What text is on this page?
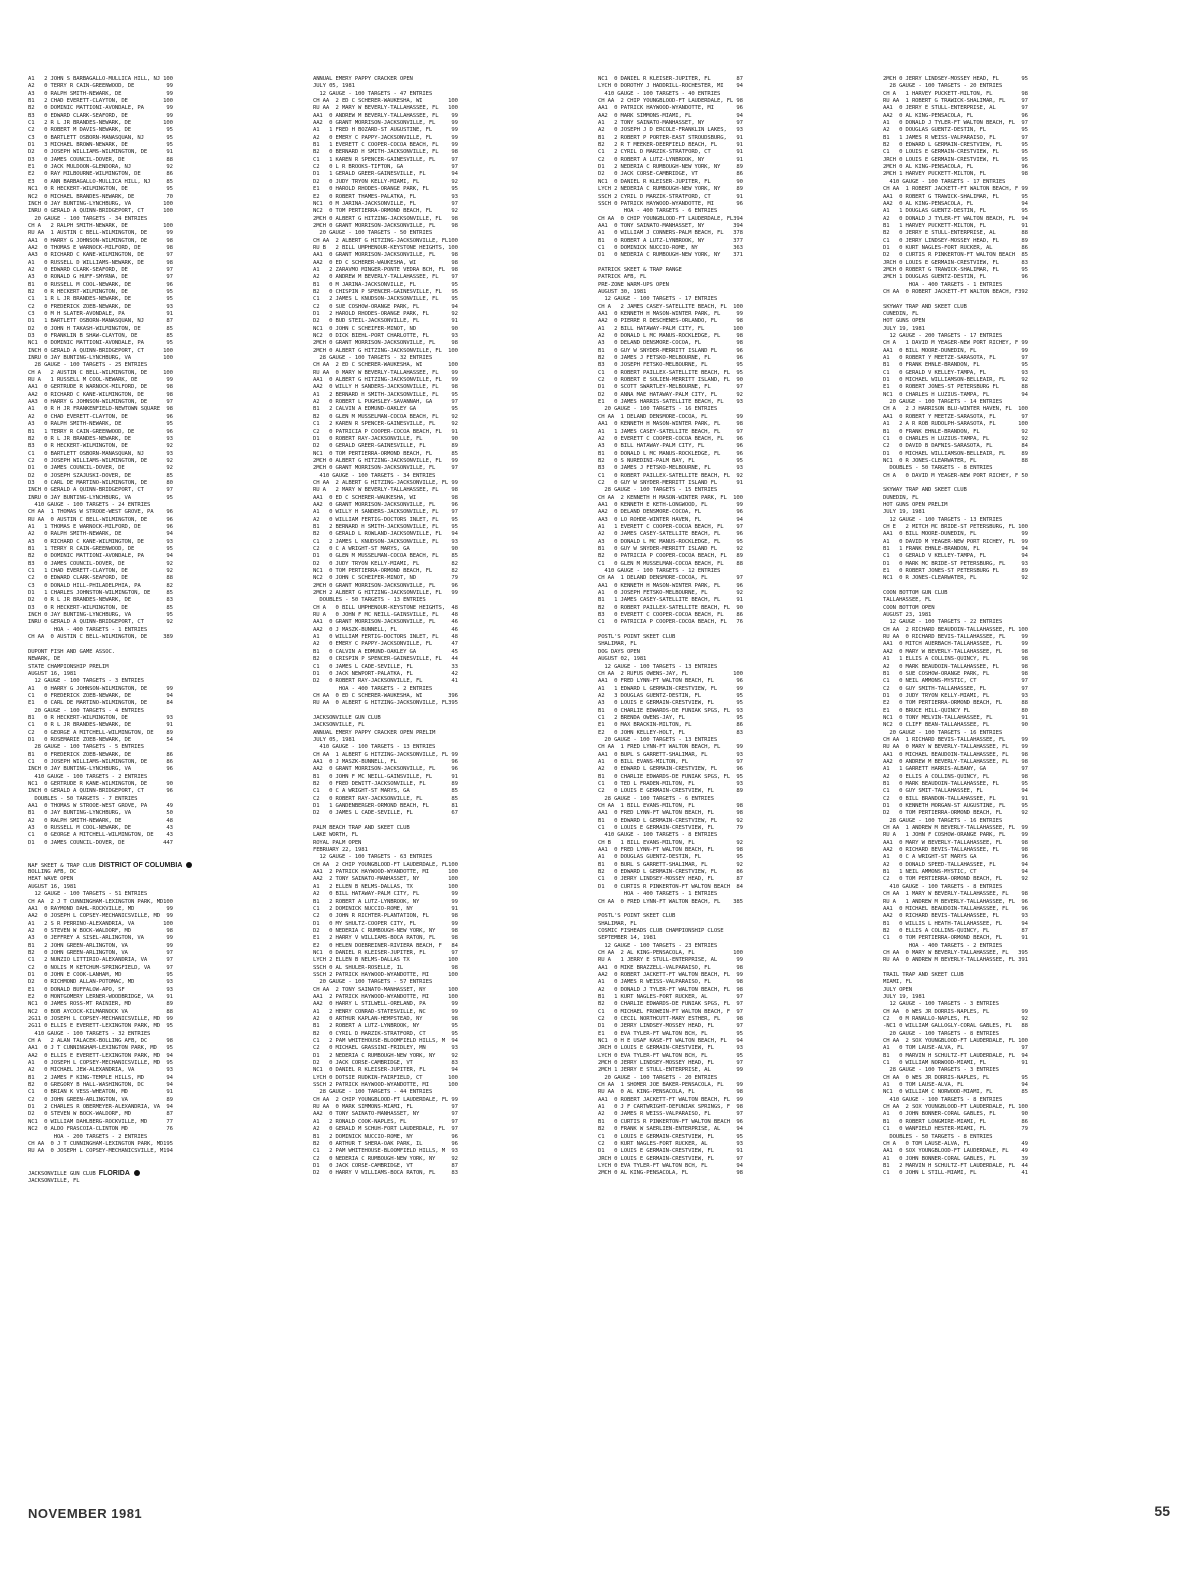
A1   2 JOHN S BARBAGALLO-MULLICA HILL, NJ 100
A2   0 TERRY R CAIN-GREENWOOD, DE          99
A3   0 RALPH SMITH-NEWARK, DE              99
B1   2 CHAD EVERETT-CLAYTON, DE           100
B2   0 DOMINIC MATTIONI-AVONDALE, PA       99
B3   0 EDWARD CLARK-SEAFORD, DE            99
C1   2 R L JR BRANDES-NEWARK, DE          100
C2   0 ROBERT M DAVIS-NEWARK, DE           95
C3   0 BARTLETT OSBORN-MANASQUAN, NJ       95
D1   3 MICHAEL BROWN-NEWARK, DE            95
D2   0 JOSEPH WILLIAMS-WILMINGTON, DE      91
D3   0 JAMES COUNCIL-DOVER, DE             88
E1   0 JACK MULDOON-GLENDORA, NJ           92
E2   0 RAY MILBOURNE-WILMINGTON, DE        86
E3   0 ANN BARBAGALLO-MULLICA HILL, NJ     85
NC1  0 R HECKERT-WILMINGTON, DE            95
NC2  0 MICHAEL BRANDES-NEWARK, DE          70
INCH 0 JAY BUNTING-LYNCHBURG, VA          100
INRU 0 GERALD A QUINN-BRIDGEPORT, CT      100
20 GAUGE - 100 TARGETS - 34 ENTRIES
CH A   2 RALPH SMITH-NEWARK, DE           100
RU AA  1 AUSTIN C BELL-WILMINGTON, DE      99
AA1  0 HARRY G JOHNSON-WILMINGTON, DE      98
AA2  0 THOMAS E WARNOCK-MILFORD, DE        98
AA3  0 RICHARD C KANE-WILMINGTON, DE       97
A1   0 RUSSELL D WILLIAMS-NEWARK, DE       98
A2   0 EDWARD CLARK-SEAFORD, DE            97
A3   0 RONALD G HUFF-SMYRNA, DE            97
B1   0 RUSSELL M COOL-NEWARK, DE           96
B2   0 R HECKERT-WILMINGTON, DE            95
C1   1 R L JR BRANDES-NEWARK, DE           95
C2   0 FREDERICK ZOEB-NEWARK, DE           93
C3   0 M H SLATER-AVONDALE, PA             91
D1   1 BARTLETT OSBORN-MANASQUAN, NJ       87
D2   0 JOHN H TAKASH-WILMINGTON, DE        85
D3   0 FRANKLIN B SHAW-CLAYTON, DE         85
NC1  0 DOMINIC MATTIONI-AVONDALE, PA       95
INCH 0 GERALD A QUINN-BRIDGEPORT, CT      100
INRU 0 JAY BUNTING-LYNCHBURG, VA          100
28 GAUGE - 100 TARGETS - 25 ENTRIES
CH A   2 AUSTIN C BELL-WILMINGTON, DE     100
RU A   1 RUSSELL M COOL-NEWARK, DE         99
AA1  0 GERTRUDE R WARNOCK-MILFORD, DE      98
AA2  0 RICHARD C KANE-WILMINGTON, DE       98
AA3  0 HARRY G JOHNSON-WILMINGTON, DE      97
A1   0 R H JR FRANKENFIELD-NEWTOWN SQUARE  98
A2   0 CHAD EVERETT-CLAYTON, DE            96
A3   0 RALPH SMITH-NEWARK, DE              95
B1   1 TERRY R CAIN-GREENWOOD, DE          96
B2   0 R L JR BRANDES-NEWARK, DE           93
B3   0 R HECKERT-WILMINGTON, DE            92
C1   0 BARTLETT OSBORN-MANASQUAN, NJ       93
C2   0 JOSEPH WILLIAMS-WILMINGTON, DE      92
D1   0 JAMES COUNCIL-DOVER, DE             92
D2   0 JOSEPH SZAJUSKI-DOVER, DE           85
D3   0 CARL DE MARTINO-WILMINGTON, DE      80
INCH 0 GERALD A QUINN-BRIDGEPORT, CT       97
INRU 0 JAY BUNTING-LYNCHBURG, VA           95
410 GAUGE - 100 TARGETS - 24 ENTRIES
CH AA  1 THOMAS W STROOE-WEST GROVE, PA    96
RU AA  0 AUSTIN C BELL-WILMINGTON, DE      96
A1   1 THOMAS E WARNOCK-MILFORD, DE        96
A2   0 RALPH SMITH-NEWARK, DE              94
A3   0 RICHARD C KANE-WILMINGTON, DE       93
B1   1 TERRY R CAIN-GREENWOOD, DE          95
B2   0 DOMINIC MATTIONI-AVONDALE, PA       94
B3   0 JAMES COUNCIL-DOVER, DE             92
C1   1 CHAD EVERETT-CLAYTON, DE            92
C2   0 EDWARD CLARK-SEAFORD, DE            88
C3   0 DONALD HILL-PHILADELPHIA, PA        82
D1   1 CHARLES JOHNSTON-WILMINGTON, DE     85
D2   0 R L JR BRANDES-NEWARK, DE           83
D3   0 R HECKERT-WILMINGTON, DE            85
INCH 0 JAY BUNTING-LYNCHBURG, VA           95
INRU 0 GERALD A QUINN-BRIDGEPORT, CT       92
HOA - 400 TARGETS - 1 ENTRIES
CH AA  0 AUSTIN C BELL-WILMINGTON, DE     389
DUPONT FISH AND GAME ASSOC.
NEWARK, DE
STATE CHAMPIONSHIP PRELIM
AUGUST 16, 1981
12 GAUGE - 100 TARGETS - 3 ENTRIES
A1   0 HARRY G JOHNSON-WILMINGTON, DE      99
C1   0 FREDERICK ZOEB-NEWARK, DE           94
E1   0 CARL DE MARTINO-WILMINGTON, DE      84
20 GAUGE - 100 TARGETS - 4 ENTRIES
B1   0 R HECKERT-WILMINGTON, DE            93
C1   0 R L JR BRANDES-NEWARK, DE           91
C2   0 GEORGE A MITCHELL-WILMINGTON, DE    89
D1   0 ROSEMARIE ZOEB-NEWARK, DE           54
28 GAUGE - 100 TARGETS - 5 ENTRIES
B1   0 FREDERICK ZOEB-NEWARK, DE           86
C1   0 JOSEPH WILLIAMS-WILMINGTON, DE      86
INCH 0 JAY BUNTING-LYNCHBURG, VA           96
410 GAUGE - 100 TARGETS - 2 ENTRIES
NC1  0 GERTRUDE R KANE-WILMINGTON, DE      90
INCH 0 GERALD A QUINN-BRIDGEPORT, CT       96
DOUBLES - 50 TARGETS - 7 ENTRIES
AA1  0 THOMAS W STROOE-WEST GROVE, PA      49
B1   0 JAY BUNTING-LYNCHBURG, VA           50
A2   0 RALPH SMITH-NEWARK, DE              48
A3   0 RUSSELL M COOL-NEWARK, DE           43
C1   0 GEORGE A MITCHELL-WILMINGTON, DE    43
D1   0 JAMES COUNCIL-DOVER, DE            447
NAF SKEET & TRAP CLUB DISTRICT OF COLUMBIA
BOLLING AFB, DC
HEAT WAVE OPEN
AUGUST 16, 1981
12 GAUGE - 100 TARGETS - 51 ENTRIES
CH AA  2 J T CUNNINGHAM-LEXINGTON PARK, MD100
AA1  0 RAYMOND DAHL-ROCKVILLE, MD          99
AA2  0 JOSEPH L COPSEY-MECHANICSVILLE, MD  99
A1   2 S R PERRINO-ALEXANDRIA, VA         100
A2   0 STEVEN W BOCK-WALDORF, MD           98
A3   0 JEFFREY A SISEL-ARLINGTON, VA       99
B1   2 JOHN GREEN-ARLINGTON, VA            99
B2   0 JOHN GREEN-ARLINGTON, VA            97
C1   2 NUNZIO LITTIRIO-ALEXANDRIA, VA      97
C2   0 NOLIS M KETCHUM-SPRINGFIELD, VA     97
D1   0 JOHN E COOK-LANHAM, MD              95
D2   0 RICHMOND ALLAN-POTOMAC, MD          93
E1   0 DONALD BUFFALOW-APO, SF             93
E2   0 MONTGOMERY LERNER-WOODBRIDGE, VA    91
NC1  0 JAMES ROSS-MT RAINIER, MD           89
NC2  0 BOB AYCOCK-KILMARNOCK VA            88
2G11 0 JOSEPH L COPSEY-MECHANICSVILLE, MD  99
2G11 0 ELLIS E EVERETT-LEXINGTON PARK, MD  95
410 GAUGE - 100 TARGETS - 32 ENTRIES
CH A   2 ALAN TALACEK-BOLLING AFB, DC      98
AA1  0 J T CUNNINGHAM-LEXINGTON PARK, MD   95
AA2  0 ELLIS E EVERETT-LEXINGTON PARK, MD  94
A1   0 JOSEPH L COPSEY-MECHANICSVILLE, MD  95
A2   0 MICHAEL JEW-ALEXANDRIA, VA          93
B1   2 JAMES F KING-TEMPLE HILLS, MD       94
B2   0 GREGORY B HALL-WASHINGTON, DC       94
C1   0 BRIAN K VESS-WHEATON, MD            91
C2   0 JOHN GREEN-ARLINGTON, VA            89
D1   2 CHARLES R OBERMEYER-ALEXANDRIA, VA  94
D2   0 STEVEN W BOCK-WALDORF, MD           87
NC1  0 WILLIAM DAHLBERG-ROCKVILLE, MD      77
NC2  0 ALDO FRASCOIA-CLINTON MD            76
HOA - 200 TARGETS - 2 ENTRIES
CH AA  0 J T CUNNINGHAM-LEXINGTON PARK, MD195
RU AA  0 JOSEPH L COPSEY-MECHANICSVILLE, M194
JACKSONVILLE GUN CLUB FLORIDA
JACKSONVILLE, FL
ANNUAL EMERY PAPPY CRACKER OPEN
JULY 05, 1981
12 GAUGE - 100 TARGETS - 47 ENTRIES
CH AA  2 ED C SCHERER-WAUKESHA, WI        100
RU AA  2 MARY W BEVERLY-TALLAHASSEE, FL   100
AA1  0 ANDREW M BEVERLY-TALLAHASSEE, FL    99
AA2  0 GRANT MORRISON-JACKSONVILLE, FL     99
A1   1 FRED H BOZARD-ST AUGUSTINE, FL      99
A2   0 EMERY C PAPPY-JACKSONVILLE, FL      99
B1   1 EVERETT C COOPER-COCOA BEACH, FL    99
B2   0 BERNARD H SMITH-JACKSONVILLE, FL    98
C1   1 KAREN R SPENCER-GAINESVILLE, FL     97
C2   0 L R BROOKS-TIFTON, GA               97
D1   1 GERALD GREER-GAINESVILLE, FL        94
D2   0 JUDY TRYON KELLY-MIAMI, FL          92
E1   0 HAROLD RHODES-ORANGE PARK, FL       95
E2   0 ROBERT THAMES-PALATKA, FL           93
NC1  0 M JARINA-JACKSONVILLE, FL           97
NC2  0 TOM PERTIERRA-ORMOND BEACH, FL      92
2MCH 0 ALBERT G HITZING-JACKSONVILLE, FL   98
2MCH 0 GRANT MORRISON-JACKSONVILLE, FL     98
20 GAUGE - 100 TARGETS - 50 ENTRIES
CH AA  2 ALBERT G HITZING-JACKSONVILLE, FL100
RU B   2 BILL UMPHENOUR-KEYSTONE HEIGHTS, 100
AA1  0 GRANT MORRISON-JACKSONVILLE, FL     98
AA2  0 ED C SCHERER-WAUKESHA, WI           98
A1   2 ZARAVMO MINGER-PONTE VEDRA BCH, FL  98
A2   0 ANDREW M BEVERLY-TALLAHASSEE, FL    97
B1   0 M JARINA-JACKSONVILLE, FL           95
B2   0 CHISPIN P SPENCER-GAINESVILLE, FL   95
C1   2 JAMES L KNUDSON-JACKSONVILLE, FL    95
C2   0 SUE COSHOW-ORANGE PARK, FL          94
D1   2 HAROLD RHODES-ORANGE PARK, FL       92
D2   0 BUD STEIL-JACKSONVILLE, FL          91
NC1  0 JOHN C SCHEIFER-MINOT, ND           90
NC2  0 DICK BIEHL-PORT CHARLOTTE, FL       93
2MCH 0 GRANT MORRISON-JACKSONVILLE, FL     98
2MCH 0 ALBERT G HITZING-JACKSONVILLE, FL  100
28 GAUGE - 100 TARGETS - 32 ENTRIES
CH AA  2 ED C SCHERER-WAUKESHA, WI        100
RU AA  0 MARY W BEVERLY-TALLAHASSEE, FL    99
AA1  0 ALBERT G HITZING-JACKSONVILLE, FL   99
AA2  0 WILLY H SANDERS-JACKSONVILLE, FL    98
A1   2 BERNARD H SMITH-JACKSONVILLE, FL    95
A2   0 ROBERT L PUGHSLEY-SAVANNAH, GA      97
B1   2 CALVIN A EDMUND-OAKLEY GA           95
B2   0 GLEN M MUSSELMAN-COCOA BEACH, FL    92
C1   2 KAREN R SPENCER-GAINESVILLE, FL     92
C2   0 PATRICIA P COOPER-COCOA BEACH, FL   91
D1   0 ROBERT RAY-JACKSONVILLE, FL         90
D2   0 GERALD GREER-GAINESVILLE, FL        89
NC1  0 TOM PERTIERRA-ORMOND BEACH, FL      85
2MCH 0 ALBERT G HITZING-JACKSONVILLE, FL   99
2MCH 0 GRANT MORRISON-JACKSONVILLE, FL     97
410 GAUGE - 100 TARGETS - 34 ENTRIES
CH AA  2 ALBERT G HITZING-JACKSONVILLE, FL 99
RU A   2 MARY W BEVERLY-TALLAHASSEE, FL    98
AA1  0 ED C SCHERER-WAUKESHA, WI           98
AA2  0 GRANT MORRISON-JACKSONVILLE, FL     96
A1   0 WILLY H SANDERS-JACKSONVILLE, FL    97
A2   0 WILLIAM FERTIG-DOCTORS INLET, FL    95
B1   2 BERNARD H SMITH-JACKSONVILLE, FL    95
B2   0 GERALD L ROWLAND-JACKSONVILLE, FL   94
C1   2 JAMES L KNUDSON-JACKSONVILLE, FL    93
C2   0 C A WRIGHT-ST MARYS, GA             90
D1   0 GLEN M MUSSELMAN-COCOA BEACH, FL    85
D2   0 JUDY TRYON KELLY-MIAMI, FL          82
NC1  0 TOM PERTIERRA-ORMOND BEACH, FL      82
NC2  0 JOHN C SCHEIFER-MINOT, ND           79
2MCH 0 GRANT MORRISON-JACKSONVILLE, FL     96
2MCH 2 ALBERT G HITZING-JACKSONVILLE, FL   99
DOUBLES - 50 TARGETS - 13 ENTRIES
CH A   0 BILL UMPHENOUR-KEYSTONE HEIGHTS,  48
RU A   0 JOHN F MC NEILL-GAINSVILLE, FL    48
AA1  0 GRANT MORRISON-JACKSONVILLE, FL     46
AA2  0 J MASZK-BUNNELL, FL                 46
A1   0 WILLIAM FERTIG-DOCTORS INLET, FL    48
A2   0 EMERY C PAPPY-JACKSONVILLE, FL      47
B1   0 CALVIN A EDMUND-OAKLEY GA           45
B2   0 CRISPIN P SPENCER-GAINESVILLE, FL   44
C1   0 JAMES L CADE-SEVILLE, FL            33
D1   0 JACK NEWPORT-PALATKA, FL            42
D2   0 ROBERT RAY-JACKSONVILLE, FL         41
HOA - 400 TARGETS - 2 ENTRIES
CH AA  0 ED C SCHERER-WAUKESHA, WI        396
RU AA  0 ALBERT G HITZING-JACKSONVILLE, FL395
JACKSONVILLE GUN CLUB
JACKSONVILLE, FL
ANNUAL EMERY PAPPY CRACKER OPEN PRELIM
JULY 05, 1981
410 GAUGE - 100 TARGETS - 13 ENTRIES
CH AA  1 ALBERT G HITZING-JACKSONVILLE, FL 99
AA1  0 J MASZK-BUNNELL, FL                 96
AA2  0 GRANT MORRISON-JACKSONVILLE, FL     96
B1   0 JOHN F MC NEILL-GAINSVILLE, FL      91
B2   0 FRED DEWITT-JACKSONVILLE, FL        89
C1   0 C A WRIGHT-ST MARYS, GA             85
C2   0 ROBERT RAY-JACKSONVILLE, FL         85
D1   1 GANDENBERGER-ORMOND BEACH, FL       81
D2   0 JAMES L CADE-SEVILLE, FL            67
PALM BEACH TRAP AND SKEET CLUB
LAKE WORTH, FL
ROYAL PALM OPEN
FEBRUARY 22, 1981
12 GAUGE - 100 TARGETS - 63 ENTRIES
CH AA  2 CHIP YOUNGBLOOD-FT LAUDERDALE, FL100
AA1  2 PATRICK HAYWOOD-WYANDOTTE, MI      100
AA2  2 TONY SAINATO-MANHASSET, NY         100
A1   2 ELLEN B NELMS-DALLAS, TX           100
A2   0 BILL HATAWAY-PALM CITY, FL          99
B1   2 ROBERT A LUTZ-LYNBROOK, NY          99
C1   2 DOMINICK NUCCIO-ROME, NY            91
C2   0 JOHN R RICHTER-PLANTATION, FL       98
D1   0 MY SHULTZ-COOPER CITY, FL           99
D2   0 NEDERIA C RUMBOUGH-NEW YORK, NY     98
E1   2 HARRY V WILLIAMS-BOCA RATON, FL     98
E2   0 HELEN DOEBREINER-RIVIERA BEACH, F   84
NC1  0 DANIEL R KLEISER-JUPITER, FL        97
LYCH 2 ELLEN B NELMS-DALLAS TX            100
SSCH 0 AL SHULER-ROSELLE, IL               98
SSCH 2 PATRICK HAYWOOD-WYANDOTTE, MI      100
20 GAUGE - 100 TARGETS - 57 ENTRIES
CH AA  2 TONY SAINATO-MANHASSET, NY       100
AA1  2 PATRICK HAYWOOD-WYANDOTTE, MI      100
AA2  0 HARRY L STILWELL-ORELAND, PA        99
A1   2 HENRY CONRAD-STATESVILLE, NC        99
A2   0 ARTHUR KAPLAN-HEMPSTEAD, NY         98
B1   2 ROBERT A LUTZ-LYNBROOK, NY          95
B2   0 CYRIL D MARZIK-STRATFORD, CT        95
C1   2 PAM WHITEHOUSE-BLOOMFIELD HILLS, M  94
C2   0 MICHAEL GRASSINI-FRIDLEY, MN        93
D1   2 NEDERIA C RUMBOUGH-NEW YORK, NY     92
D2   0 JACK CORSE-CAMBRIDGE, VT            83
NC1  0 DANIEL R KLEISER-JUPITER, FL        94
LYCH 0 DOTSIE RUDKIN-FAIRFIELD, CT        100
SSCH 2 PATRICK HAYWOOD-WYANDOTTE, MI      100
28 GAUGE - 100 TARGETS - 44 ENTRIES
CH AA  2 CHIP YOUNGBLOOD-FT LAUDERDALE, FL 99
RU AA  0 MARK SIMMONS-MIAMI, FL            97
AA2  0 TONY SAINATO-MANHASSET, NY          97
A1   2 RONALD COOK-NAPLES, FL              97
A2   0 GERALD M SCHUH-FORT LAUDERDALE, FL  97
B1   2 DOMINICK NUCCIO-ROME, NY            96
B2   0 ARTHUR T SHERA-OAK PARK, IL         96
C1   2 PAM WHITEHOUSE-BLOOMFIELD HILLS, M  93
C2   0 NEDERIA C RUMBOUGH-NEW YORK, NY     92
D1   0 JACK CORSE-CAMBRIDGE, VT            87
D2   0 HARRY V WILLIAMS-BOCA RATON, FL     83
NC1  0 DANIEL R KLEISER-JUPITER, FL        87
LYCH 0 DOROTHY J HADDRILL-ROCHESTER, MI    94
410 GAUGE - 100 TARGETS - 40 ENTRIES
CH AA  2 CHIP YOUNGBLOOD-FT LAUDERDALE, FL 98
AA1  0 PATRICK HAYWOOD-WYANDOTTE, MI       96
AA2  0 MARK SIMMONS-MIAMI, FL              94
A1   2 TONY SAINATO-MANHASSET, NY          97
A2   0 JOSEPH J D ERCOLE-FRANKLIN LAKES,   93
B1   2 ROBERT P PORTER-EAST STROUDSBURG,   91
B2   2 R T MEEKER-DEERFIELD BEACH, FL      91
C1   2 CYRIL D MARZIK-STRATFORD, CT        91
C2   0 ROBERT A LUTZ-LYNBROOK, NY          91
D1   2 NEDERIA C RUMBOUGH-NEW YORK, NY     89
D2   0 JACK CORSE-CAMBRIDGE, VT            86
NC1  0 DANIEL R KLEISER-JUPITER, FL        90
LYCH 2 NEDERIA C RUMBOUGH-NEW YORK, NY     89
SSCH 2 CYRIL D MARZIK-STRATFORD, CT        91
SSCH 0 PATRICK HAYWOOD-WYANDOTTE, MI       96
HOA - 400 TARGETS - 6 ENTRIES
CH AA  0 CHIP YOUNGBLOOD-FT LAUDERDALE, FL394
AA1  0 TONY SAINATO-MANHASSET, NY         394
A1   0 WILLIAM J CONNERS-PALM BEACH, FL   378
B1   0 ROBERT A LUTZ-LYNBROOK, NY         377
C1   0 DOMINICK NUCCIO-ROME, NY           363
D1   0 NEDERIA C RUMBOUGH-NEW YORK, NY    371
PATRICK SKEET & TRAP RANGE
PATRICK AFB, FL
PRE-ZONE WARM-UPS OPEN
AUGUST 30, 1981
12 GAUGE - 100 TARGETS - 17 ENTRIES
CH A   2 JAMES CASEY-SATELLITE BEACH, FL  100
AA1  0 KENNETH H MASON-WINTER PARK, FL     99
AA2  0 PIERRE R DESCHENES-ORLANDO, FL      98
A1   2 BILL HATAWAY-PALM CITY, FL         100
A2   0 DONALD L MC MANUS-ROCKLEDGE, FL     98
A3   0 DELAND DENSMORE-COCOA, FL           98
B1   0 GUY W SNYDER-MERRITT ISLAND FL      96
B2   0 JAMES J FETSKO-MELBOURNE, FL        96
B3   0 JOSEPH FETSKO-MELBOURNE, FL         95
C1   0 ROBERT PAILLEX-SATELLITE BEACH, FL  95
C2   0 ROBERT E SOLIEN-MERRITT ISLAND, FL  90
D1   0 SCOTT SWARTLEY-MELBOURNE, FL        97
D2   0 ANNA MAE HATAWAY-PALM CITY, FL      92
E1   0 JAMES HARRIS-SATELLITE BEACH, FL    93
20 GAUGE - 100 TARGETS - 16 ENTRIES
CH AA  1 DELAND DENSMORE-COCOA, FL         99
AA1  0 KENNETH H MASON-WINTER PARK, FL     98
A1   1 JAMES CASEY-SATELLITE BEACH, FL     97
A2   0 EVERETT C COOPER-COCOA BEACH, FL    96
A3   0 BILL HATAWAY-PALM CITY, FL          96
B1   0 DONALD L MC MANUS-ROCKLEDGE, FL     96
B2   0 S NUREDINI-PALM BAY, FL             95
B3   0 JAMES J FETSKO-MELBOURNE, FL        93
C1   0 ROBERT PAILLEX-SATELLITE BEACH, FL  92
C2   0 GUY W SNYDER-MERRITT ISLAND FL      91
28 GAUGE - 100 TARGETS - 15 ENTRIES
CH AA  2 KENNETH H MASON-WINTER PARK, FL  100
AA1  0 KENNETH E KETH-LONGWOOD, FL         99
AA2  0 DELAND DENSMORE-COCOA, FL           96
AA3  0 LO ROHDE-WINTER HAVEN, FL           94
A1   1 EVERETT C COOPER-COCOA BEACH, FL    97
A2   0 JAMES CASEY-SATELLITE BEACH, FL     96
A3   0 DONALD L MC MANUS-ROCKLEDGE, FL     95
B1   0 GUY W SNYDER-MERRITT ISLAND FL      92
B2   0 PATRICIA P COOPER-COCOA BEACH, FL   89
C1   0 GLEN M MUSSELMAN-COCOA BEACH, FL    88
410 GAUGE - 100 TARGETS - 12 ENTRIES
CH AA  1 DELAND DENSMORE-COCOA, FL         97
AA1  0 KENNETH H MASON-WINTER PARK, FL     96
A1   0 JOSEPH FETSKO-MELBOURNE, FL         92
B1   1 JAMES CASEY-SATELLITE BEACH, FL     91
B2   0 ROBERT PAILLEX-SATELLITE BEACH, FL  90
B3   0 EVERETT C COOPER-COCOA BEACH, FL    86
C1   0 PATRICIA P COOPER-COCOA BEACH, FL   76
POSTL'S POINT SKEET CLUB
SHALIMAR, FL
DOG DAYS OPEN
AUGUST 02, 1981
12 GAUGE - 100 TARGETS - 13 ENTRIES
CH AA  2 RUFUS OWENS-JAY, FL              100
AA1  0 FRED LYNN-FT WALTON BEACH, FL       96
A1   1 EDWARD L GERMAIN-CRESTVIEW, FL      99
A2   3 DOUGLAS GUENTZ-DESTIN, FL           95
A3   0 LOUIS E GERMAIN-CRESTVIEW, FL       95
B1   0 CHARLIE EDWARDS-DE FUNIAK SPGS, FL  93
C1   2 BRENDA OWENS-JAY, FL                95
E1   0 MAX BRACKIN-MILTON, FL              86
E2   0 JOHN KELLEY-HOLT, FL                83
20 GAUGE - 100 TARGETS - 13 ENTRIES
CH AA  1 FRED LYNN-FT WALTON BEACH, FL     99
AA1  0 BUPL S GARRETT-SHALIMAR, FL         93
A1   0 BILL EVANS-MILTON, FL               97
A2   0 EDWARD L GERMAIN-CRESTVIEW, FL      96
B1   0 CHARLIE EDWARDS-DE FUNIAK SPGS, FL  95
C1   0 TED L FRADEN-MILTON, FL             93
C2   0 LOUIS E GERMAIN-CRESTVIEW, FL       89
28 GAUGE - 100 TARGETS - 6 ENTRIES
CH AA  1 BILL EVANS-MILTON, FL             98
AA1  0 FRED LYNN-FT WALTON BEACH, FL       98
B1   0 EDWARD L GERMAIN-CRESTVIEW, FL      92
C1   0 LOUIS E GERMAIN-CRESTVIEW, FL       79
410 GAUGE - 100 TARGETS - 8 ENTRIES
CH B   1 BILL EVANS-MILTON, FL             92
AA1  0 FRED LYNN-FT WALTON BEACH, FL       98
A1   0 DOUGLAS GUENTZ-DESTIN, FL           95
B1   0 BURL S GARRETT-SHALIMAR, FL         92
B2   0 EDWARD L GERMAIN-CRESTVIEW, FL      86
C1   0 JERRY LINDSEY-MOSSEY HEAD, FL       87
D1   0 CURTIS R PINKERTON-FT WALTON BEACH  84
HOA - 400 TARGETS - 1 ENTRIES
CH AA  0 FRED LYNN-FT WALTON BEACH, FL    385
POSTL'S POINT SKEET CLUB
SHALIMAR, FL
COSMIC FISHEADS CLUB CHAMPIONSHIP CLOSE
SEPTEMBER 14, 1981
12 GAUGE - 100 TARGETS - 23 ENTRIES
CH AA  2 AL KING-PENSACOLA, FL            100
RU A   1 JERRY E STULL-ENTERPRISE, AL      99
AA1  0 MIKE BRAZZELL-VALPARAISO, FL        98
AA2  0 ROBERT JACKETT-FT WALTON BEACH, FL  99
A1   0 JAMES R WEISS-VALPARAISO, FL        98
A2   0 DONALD J TYLER-FT WALTON BEACH, FL  98
B1   1 KURT NAGLES-FORT RUCKER, AL         97
B2   0 CHARLIE EDWARDS-DE FUNIAK SPGS, FL  97
C1   0 MICHAEL FROWEIN-FT WALTON BEACH, F  97
C2   0 CECIL NORTHCUTT-MARY ESTHER, FL     98
D1   0 JERRY LINDSEY-MOSSEY HEAD, FL       97
E1   0 EVA TYLER-FT WALTON BCH, FL         95
NC1  0 H E USAF KASE-FT WALTON BEACH, FL   94
JRCH 0 LOUIS E GERMAIN-CRESTVIEW, FL       93
LYCH 0 EVA TYLER-FT WALTON BCH, FL         95
2MCH 0 JERRY LINDSEY-MOSSEY HEAD, FL       97
2MCH 1 JERRY E STULL-ENTERPRISE, AL        99
20 GAUGE - 100 TARGETS - 20 ENTRIES
CH AA  1 SHOMER JOE BAKER-PENSACOLA, FL    99
RU AA  0 AL KING-PENSACOLA, FL             98
AA1  0 ROBERT JACKETT-FT WALTON BEACH, FL  99
A1   0 J F CARTWRIGHT-DEFUNIAK SPRINGS, F  98
A2   0 JAMES R WEISS-VALPARAISO, FL        97
B1   0 CURTIS R PINKERTON-FT WALTON BEACH  96
B2   0 FRANK W SAERLIEN-ENTERPRISE, AL     94
C1   0 LOUIS E GERMAIN-CRESTVIEW, FL       95
C2   0 KURT NAGLES-FORT RUCKER, AL         93
D1   0 LOUIS E GERMAIN-CRESTVIEW, FL       91
JRCH 0 LOUIS E GERMAIN-CRESTVIEW, FL       97
LYCH 0 EVA TYLER-FT WALTON BCH, FL         94
2MCH 0 AL KING-PENSACOLA, FL               98
2MCH 0 JERRY LINDSEY-MOSSEY HEAD, FL       95
28 GAUGE - 100 TARGETS - 20 ENTRIES
CH A   1 HARVEY PUCKETT-MILTON, FL         98
RU AA  1 ROBERT G TRAWICK-SHALIMAR, FL     97
AA1  0 JERRY E STULL-ENTERPRISE, AL        97
AA2  0 AL KING-PENSACOLA, FL               96
A1   0 DONALD J TYLER-FT WALTON BEACH, FL  97
A2   0 DOUGLAS GUENTZ-DESTIN, FL           95
B1   1 JAMES R WEISS-VALPARAISO, FL        97
B2   0 EDWARD L GERMAIN-CRESTVIEW, FL      95
C1   0 LOUIS E GERMAIN-CRESTVIEW, FL       95
JRCH 0 LOUIS E GERMAIN-CRESTVIEW, FL       95
2MCH 0 AL KING-PENSACOLA, FL               96
2MCH 1 HARVEY PUCKETT-MILTON, FL           98
410 GAUGE - 100 TARGETS - 17 ENTRIES
CH AA  1 ROBERT JACKETT-FT WALTON BEACH, F 99
AA1  0 ROBERT G TRAWICK-SHALIMAR, FL       95
AA2  0 AL KING-PENSACOLA, FL               94
A1   1 DOUGLAS GUENTZ-DESTIN, FL           95
A2   0 DONALD J TYLER-FT WALTON BEACH, FL  94
B1   1 HARVEY PUCKETT-MILTON, FL           91
B2   0 JERRY E STULL-ENTERPRISE, AL        88
C1   0 JERRY LINDSEY-MOSSEY HEAD, FL       89
D1   0 KURT NAGLES-FORT RUCKER, AL         86
D2   0 CURTIS R PINKERTON-FT WALTON BEACH  85
JRCH 0 LOUIS E GERMAIN-CRESTVIEW, FL       83
2MCH 0 ROBERT G TRAWICK-SHALIMAR, FL       95
2MCH 1 DOUGLAS GUENTZ-DESTIN, FL           96
HOA - 400 TARGETS - 1 ENTRIES
CH AA  0 ROBERT JACKETT-FT WALTON BEACH, F392
SKYWAY TRAP AND SKEET CLUB
CUNEDIN, FL
HOT GUNS OPEN
JULY 19, 1981
12 GAUGE - 200 TARGETS - 17 ENTRIES
CH A   1 DAVID M YEAGER-NEW PORT RICHEY, F 99
AA1  0 BILL MOORE-DUNEDIN, FL              99
A1   0 ROBERT Y MEETZE-SARASOTA, FL        97
B1   0 FRANK EHNLE-BRANDON, FL             95
C1   0 GERALD V KELLEY-TAMPA, FL           93
D1   0 MICHAEL WILLIAMSON-BELLEAIR, FL     92
E1   0 ROBERT JONES-ST PETERSBURG FL       88
NC1  0 CHARLES H LUZIUS-TAMPA, FL          94
20 GAUGE - 100 TARGETS - 14 ENTRIES
CH A   2 J HARRISON BLU-WINTER HAVEN, FL  100
AA1  0 ROBERT Y MEETZE-SARASOTA, FL        97
A1   2 A R ROB RUDOLPH-SARASOTA, FL       100
B1   0 FRANK EHNLE-BRANDON, FL             92
C1   0 CHARLES H LUZIUS-TAMPA, FL          92
C2   0 DAVID B DAFNIS-SARASOTA, FL         84
D1   0 MICHAEL WILLIAMSON-BELLEAIR, FL     89
NC1  0 R JONES-CLEARWATER, FL              88
DOUBLES - 50 TARGETS - 8 ENTRIES
CH A   0 DAVID M YEAGER-NEW PORT RICHEY, F 50
SKYWAY TRAP AND SKEET CLUB
DUNEDIN, FL
HOT GUNS OPEN PRELIM
JULY 19, 1981
12 GAUGE - 100 TARGETS - 13 ENTRIES
CH E   2 MITCH MC BRIDE-ST PETERSBURG, FL 100
AA1  0 BILL MOORE-DUNEDIN, FL              99
A1   0 DAVID M YEAGER-NEW PORT RICHEY, FL  99
B1   1 FRANK EHNLE-BRANDON, FL             94
C1   0 GERALD V KELLEY-TAMPA, FL           94
D1   0 MARK MC BRIDE-ST PETERSBURG, FL     93
E1   0 ROBERT JONES-ST PETERSBURG FL       89
NC1  0 R JONES-CLEARWATER, FL              92
COON BOTTOM GUN CLUB
TALLAHASSEE, FL
COON BOTTOM OPEN
AUGUST 23, 1981
12 GAUGE - 100 TARGETS - 22 ENTRIES
CH AA  2 RICHARD BEAUDOIN-TALLAHASSEE, FL 100
RU AA  0 RICHARD BEVIS-TALLAHASSEE, FL     99
AA1  0 MITCH AUERBACH-TALLAHASSEE, FL      99
AA2  0 MARY W BEVERLY-TALLAHASSEE, FL      98
A1   1 ELLIS A COLLINS-QUINCY, FL          98
A2   0 MARK BEAUDOIN-TALLAHASSEE, FL       98
B1   0 SUE COSHOW-ORANGE PARK, FL          98
C1   0 NEIL AMMONS-MYSTIC, CT              97
C2   0 GUY SMITH-TALLAHASSEE, FL           97
D1   0 JUDY TRYON KELLY-MIAMI, FL          93
E2   0 TOM PERTIERRA-ORMOND BEACH, FL      88
E1   0 BRUCE HILL-QUINCY FL                80
NC1  0 TONY MELVIN-TALLAHASSEE, FL         91
NC2  0 CLIFF BEAN-TALLAHASSEE, FL          90
20 GAUGE - 100 TARGETS - 16 ENTRIES
CH AA  1 RICHARD BEVIS-TALLAHASSEE, FL     99
RU AA  0 MARY W BEVERLY-TALLAHASSEE, FL    99
AA1  0 MICHAEL BEAUDOIN-TALLAHASSEE, FL    98
AA2  0 ANDREW M BEVERLY-TALLAHASSEE, FL    98
A1   1 GARRETT HARRIS-ALBANY, GA           97
A2   0 ELLIS A COLLINS-QUINCY, FL          98
B1   0 MARK BEAUDOIN-TALLAHASSEE, FL       95
C1   0 GUY SMIT-TALLAHASSEE, FL            94
C2   0 BILL BRANDON-TALLAHASSEE, FL        91
D1   0 KENNETH MORGAN-ST AUGUSTINE, FL     95
D2   0 TOM PERTIERRA-ORMOND BEACH, FL      92
28 GAUGE - 100 TARGETS - 16 ENTRIES
CH AA  1 ANDREW M BEVERLY-TALLAHASSEE, FL  99
RU A   1 JOHN F COSHOW-ORANGE PARK, FL     99
AA1  0 MARY W BEVERLY-TALLAHASSEE, FL      98
AA2  0 RICHARD BEVIS-TALLAHASSEE, FL       98
A1   0 C A WRIGHT-ST MARYS GA              96
A2   0 DONALD SPEED-TALLAHASSEE, FL        94
B1   1 NEIL AMMONS-MYSTIC, CT              94
C2   0 TOM PERTIERRA-ORMOND BEACH, FL      92
410 GAUGE - 100 TARGETS - 8 ENTRIES
CH AA  1 MARY W BEVERLY-TALLAHASSEE, FL    98
RU A   1 ANDREW M BEVERLY-TALLAHASSEE, FL  96
AA1  0 MICHAEL BEAUDOIN-TALLAHASSEE, FL    96
AA2  0 RICHARD BEVIS-TALLAHASSEE, FL       93
B1   0 WILLIS L HEATH-TALLAHASSEE, FL      94
B2   0 ELLIS A COLLINS-QUINCY, FL          87
C1   0 TOM PERTIERRA-ORMOND BEACH, FL      91
HOA - 400 TARGETS - 2 ENTRIES
CH AA  0 MARY W BEVERLY-TALLAHASSEE, FL   395
RU AA  0 ANDREW M BEVERLY-TALLAHASSEE, FL 391
TRAIL TRAP AND SKEET CLUB
MIAMI, FL
JULY OPEN
JULY 19, 1981
12 GAUGE - 100 TARGETS - 3 ENTRIES
CH AA  0 WES JR DORRIS-NAPLES, FL          99
C2   0 M RANALLO-NAPLES, FL                92
-NC1 0 WILLIAM GALLOGLY-CORAL GABLES, FL   88
20 GAUGE - 100 TARGETS - 8 ENTRIES
CH AA  2 SOX YOUNGBLOOD-FT LAUDERDALE, FL 100
A1   0 TOM LAUSE-ALVA, FL                  97
B1   0 MARVIN H SCHULTZ-FT LAUDERDALE, FL  94
C1   0 WILLIAM NORWOOD-MIAMI, FL           91
28 GAUGE - 100 TARGETS - 3 ENTRIES
CH AA  0 WES JR DORRIS-NAPLES, FL          95
A1   0 TOM LAUSE-ALVA, FL                  94
NC1  0 WILLIAM C NORWOOD-MIAMI, FL         85
410 GAUGE - 100 TARGETS - 8 ENTRIES
CH AA  2 SOX YOUNGBLOOD-FT LAUDERDALE, FL 100
A1   0 JOHN BONNER-CORAL GABLES, FL        90
B1   0 ROBERT LONGMIRE-MIAMI, FL           86
C1   0 WANFIELD HESTER-MIAMI, FL           79
DOUBLES - 50 TARGETS - 8 ENTRIES
CH A   0 TOM LAUSE-ALVA, FL                49
AA1  0 SOX YOUNGBLOOD-FT LAUDERDALE, FL    49
A1   0 JOHN BONNER-CORAL GABLES, FL        39
B1   2 MARVIN H SCHULTZ-FT LAUDERDALE, FL  44
C1   0 JOHN L STILL-MIAMI, FL              41
NOVEMBER 1981	55
